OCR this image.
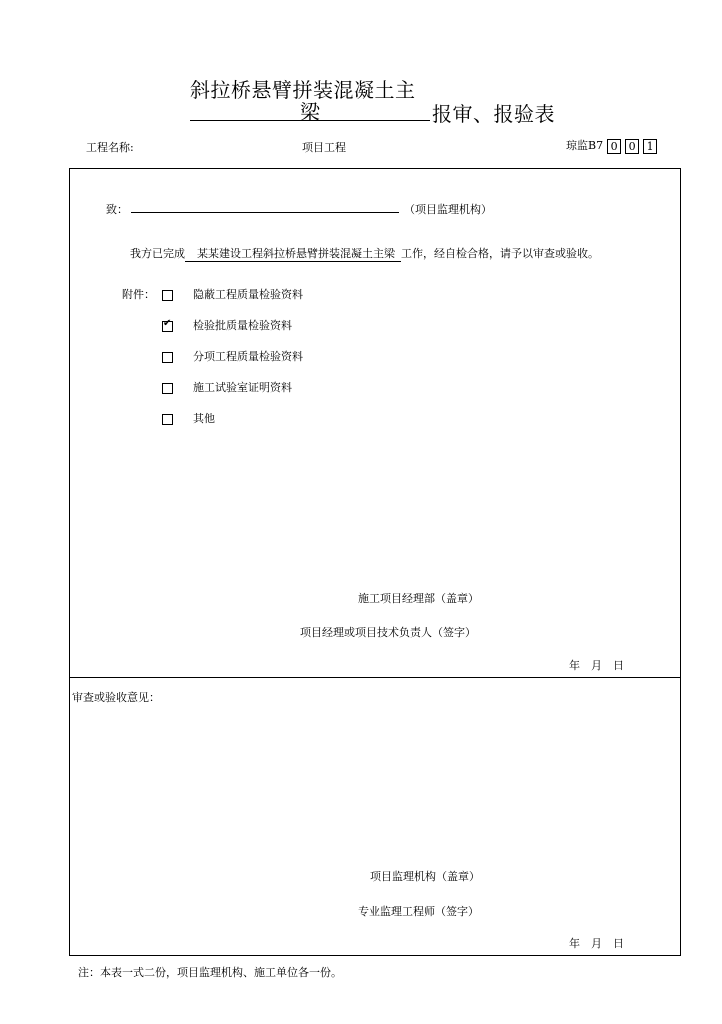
斜拉桥悬臂拼装混凝土主
梁	报审、报验表
工程名称:	项目工程	琼监B7 0 0 1
致：	（项目监理机构）
我方已完成 某某建设工程斜拉桥悬臂拼装混凝土主梁 工作，经自检合格，请予以审查或验收。
附件：	隐蔽工程质量检验资料
✔检验批质量检验资料
分项工程质量检验资料
施工试验室证明资料
其他
施工项目经理部（盖章）
项目经理或项目技术负责人（签字）
年　月　日
审查或验收意见：
项目监理机构（盖章）
专业监理工程师（签字）
年　月　日
注：本表一式二份，项目监理机构、施工单位各一份。
